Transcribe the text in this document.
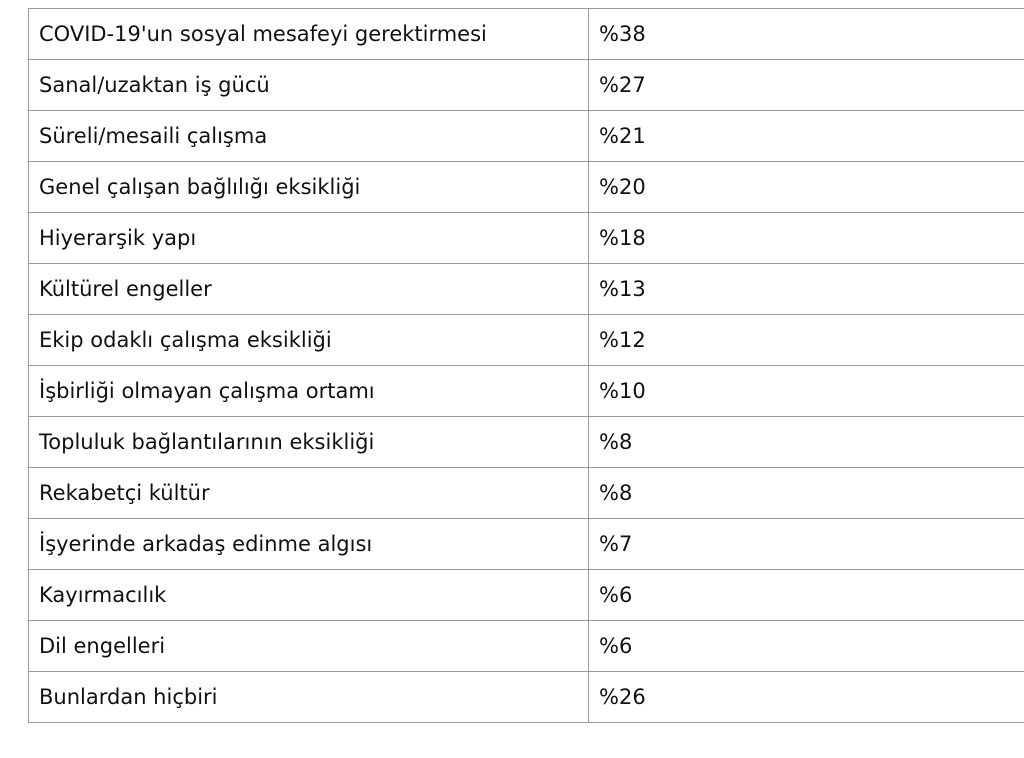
COVID-19'un sosyal mesafeyi gerektirmesi	%38
Sanal/uzaktan iş gücü	%27
Süreli/mesaili çalışma	%21
Genel çalışan bağlılığı eksikliği	%20
Hiyerarşik yapı	%18
Kültürel engeller	%13
Ekip odaklı çalışma eksikliği	%12
İşbirliği olmayan çalışma ortamı	%10
Topluluk bağlantılarının eksikliği	%8
Rekabetçi kültür	%8
İşyerinde arkadaş edinme algısı	%7
Kayırmacılık	%6
Dil engelleri	%6
Bunlardan hiçbiri	%26
